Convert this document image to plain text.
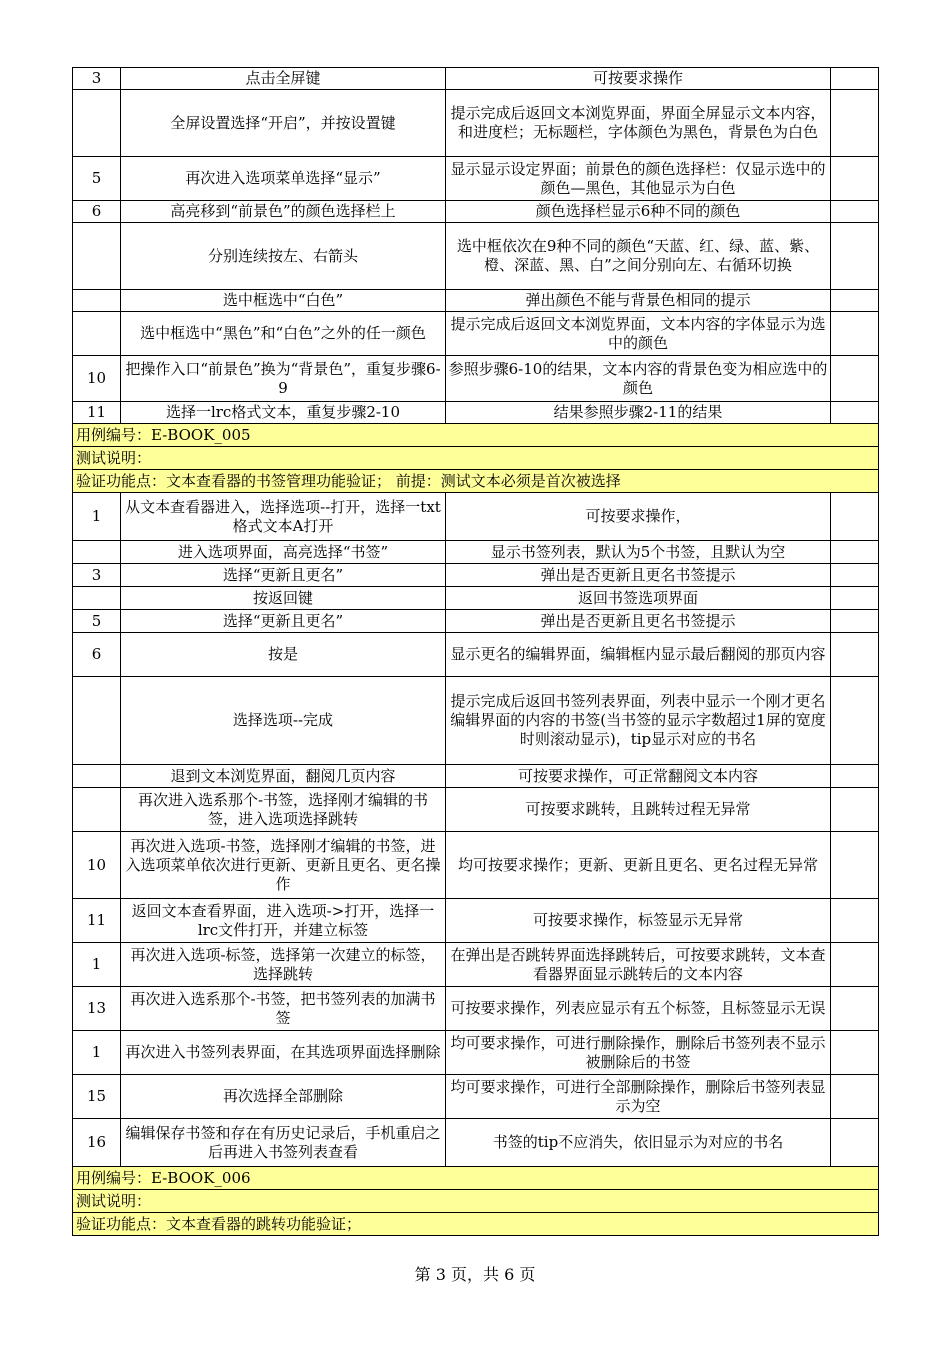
3	点击全屏键	可按要求操作	
	全屏设置选择“开启”，并按设置键	提示完成后返回文本浏览界面，界面全屏显示文本内容，和进度栏；无标题栏，字体颜色为黑色，背景色为白色	
5	再次进入选项菜单选择“显示”	显示显示设定界面；前景色的颜色选择栏：仅显示选中的颜色—黑色，其他显示为白色	
6	高亮移到“前景色”的颜色选择栏上	颜色选择栏显示6种不同的颜色	
	分别连续按左、右箭头	选中框依次在9种不同的颜色“天蓝、红、绿、蓝、紫、橙、深蓝、黑、白”之间分别向左、右循环切换	
	选中框选中“白色”	弹出颜色不能与背景色相同的提示	
	选中框选中“黑色”和“白色”之外的任一颜色	提示完成后返回文本浏览界面，文本内容的字体显示为选中的颜色	
10	把操作入口“前景色”换为“背景色”，重复步骤6-9	参照步骤6-10的结果，文本内容的背景色变为相应选中的颜色	
11	选择一lrc格式文本，重复步骤2-10	结果参照步骤2-11的结果	
用例编号：E-BOOK_005			
测试说明：			
验证功能点：文本查看器的书签管理功能验证； 前提：测试文本必须是首次被选择			
1	从文本查看器进入，选择选项--打开，选择一txt格式文本A打开	可按要求操作，	
	进入选项界面，高亮选择“书签”	显示书签列表，默认为5个书签，且默认为空	
3	选择“更新且更名”	弹出是否更新且更名书签提示	
	按返回键	返回书签选项界面	
5	选择“更新且更名”	弹出是否更新且更名书签提示	
6	按是	显示更名的编辑界面，编辑框内显示最后翻阅的那页内容	
	选择选项--完成	提示完成后返回书签列表界面，列表中显示一个刚才更名编辑界面的内容的书签(当书签的显示字数超过1屏的宽度时则滚动显示)，tip显示对应的书名	
	退到文本浏览界面，翻阅几页内容	可按要求操作，可正常翻阅文本内容	
	再次进入选系那个-书签，选择刚才编辑的书签，进入选项选择跳转	可按要求跳转，且跳转过程无异常	
10	再次进入选项-书签，选择刚才编辑的书签，进入选项菜单依次进行更新、更新且更名、更名操作	均可按要求操作；更新、更新且更名、更名过程无异常	
11	返回文本查看界面，进入选项->打开，选择一lrc文件打开，并建立标签	可按要求操作，标签显示无异常	
1	再次进入选项-标签，选择第一次建立的标签，选择跳转	在弹出是否跳转界面选择跳转后，可按要求跳转，文本查看器界面显示跳转后的文本内容	
13	再次进入选系那个-书签，把书签列表的加满书签	可按要求操作，列表应显示有五个标签，且标签显示无误	
1	再次进入书签列表界面，在其选项界面选择删除	均可要求操作，可进行删除操作，删除后书签列表不显示被删除后的书签	
15	再次选择全部删除	均可要求操作，可进行全部删除操作，删除后书签列表显示为空	
16	编辑保存书签和存在有历史记录后，手机重启之后再进入书签列表查看	书签的tip不应消失，依旧显示为对应的书名	
用例编号：E-BOOK_006			
测试说明：			
验证功能点：文本查看器的跳转功能验证；			
第 3 页，共 6 页
